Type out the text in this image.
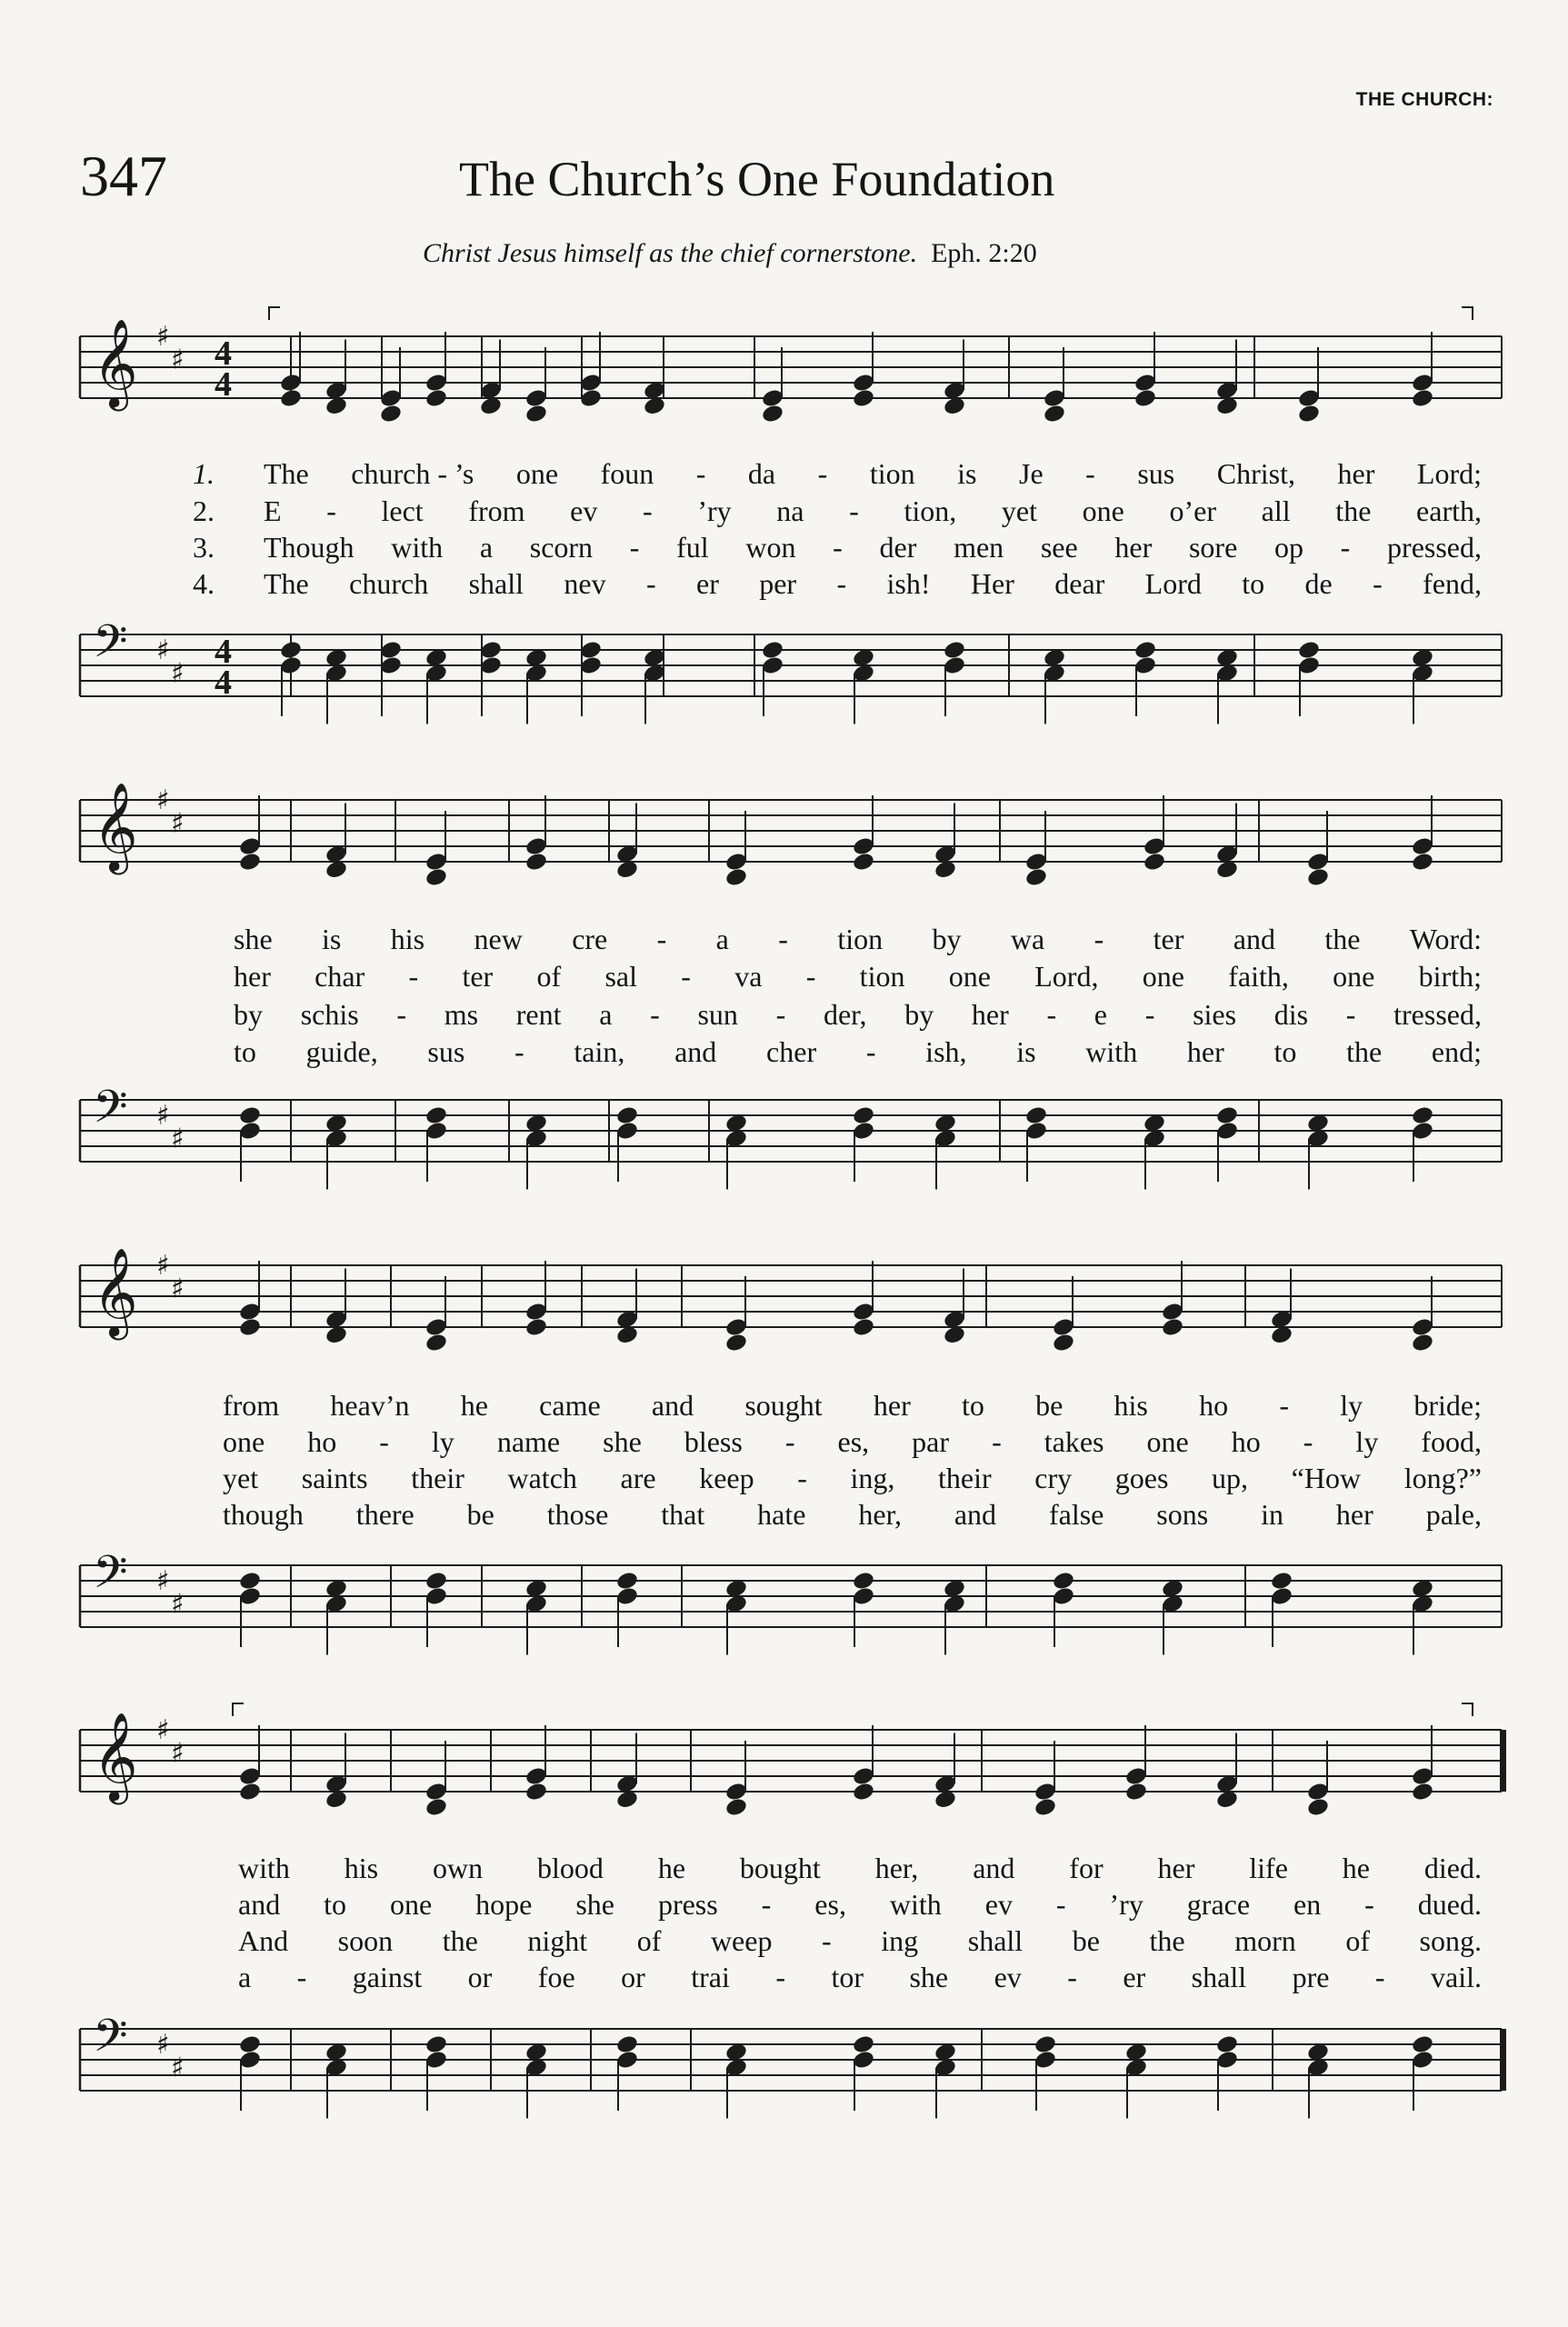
THE CHURCH:
347	The Church’s One Foundation
Christ Jesus himself as the chief cornerstone. Eph. 2:20
𝄞 ♯
♯ 4
4
𝄢 ♯
♯
4
4
𝄞 ♯
♯
𝄢 ♯
♯
𝄞 ♯
♯
𝄢 ♯
♯
𝄞 ♯
♯
𝄢 ♯
♯
1. The church - ’s one foun - da - tion is Je - sus Christ, her Lord;
2. E - lect from ev - ’ry na - tion, yet one o’er all the earth,
3. Though with a scorn - ful won - der men see her sore op - pressed,
4. The church shall nev - er per - ish! Her dear Lord to de - fend,
she is his new cre - a - tion by wa - ter and the Word:
her char - ter of sal - va - tion one Lord, one faith, one birth;
by schis - ms rent a - sun - der, by her - e - sies dis - tressed,
to guide, sus - tain, and cher - ish, is with her to the end;
from heav’n he came and sought her to be his ho - ly bride;
one ho - ly name she bless - es, par - takes one ho - ly food,
yet saints their watch are keep - ing, their cry goes up, “How long?”
though there be those that hate her, and false sons in her pale,
with his own blood he bought her, and for her life he died.
and to one hope she press - es, with ev - ’ry grace en - dued.
And soon the night of weep - ing shall be the morn of song.
a - gainst or foe or trai - tor she ev - er shall pre - vail.
